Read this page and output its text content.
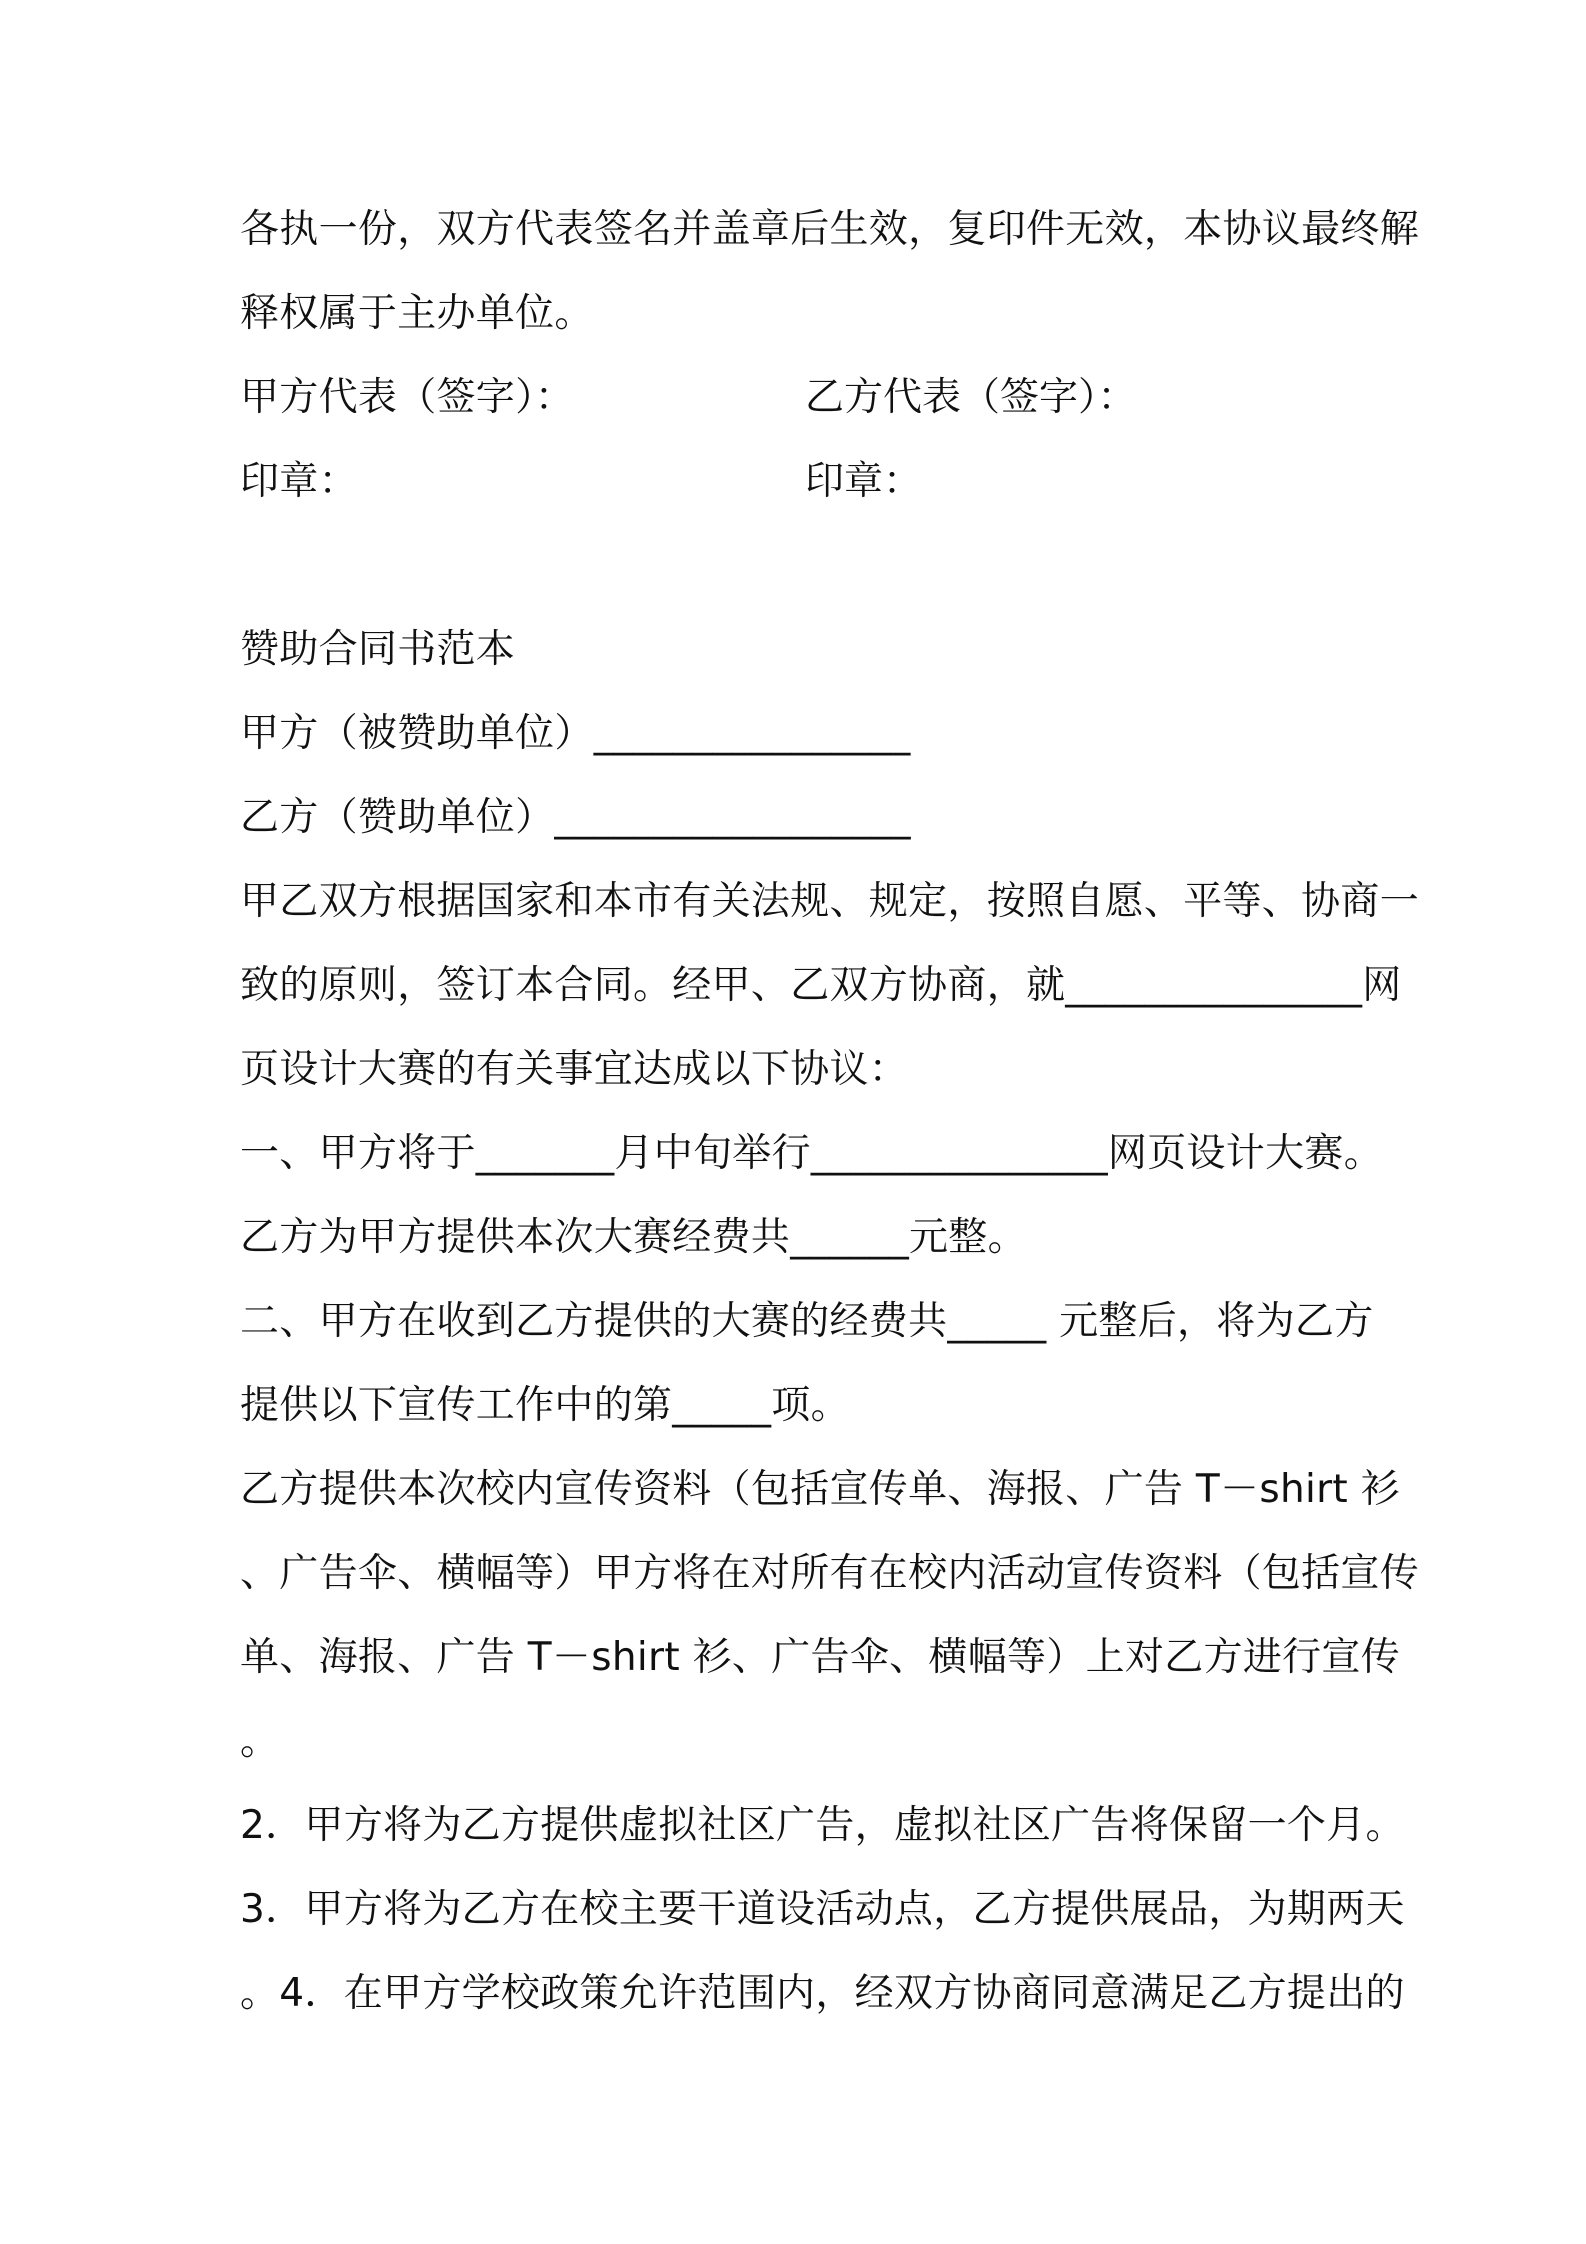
各执一份，双方代表签名并盖章后生效，复印件无效，本协议最终解
释权属于主办单位。
甲方代表（签字）：	乙方代表（签字）：
印章：	印章：
赞助合同书范本
甲方（被赞助单位）________________
乙方（赞助单位）__________________
甲乙双方根据国家和本市有关法规、规定，按照自愿、平等、协商一
致的原则，签订本合同。经甲、乙双方协商，就_______________网
页设计大赛的有关事宜达成以下协议：
一、甲方将于_______月中旬举行_______________网页设计大赛。
乙方为甲方提供本次大赛经费共______元整。
二、甲方在收到乙方提供的大赛的经费共_____ 元整后，将为乙方
提供以下宣传工作中的第_____项。
乙方提供本次校内宣传资料（包括宣传单、海报、广告 T－shirt 衫
、广告伞、横幅等）甲方将在对所有在校内活动宣传资料（包括宣传
单、海报、广告 T－shirt 衫、广告伞、横幅等）上对乙方进行宣传
。
2．甲方将为乙方提供虚拟社区广告，虚拟社区广告将保留一个月。
3．甲方将为乙方在校主要干道设活动点，乙方提供展品，为期两天
。4．在甲方学校政策允许范围内，经双方协商同意满足乙方提出的
